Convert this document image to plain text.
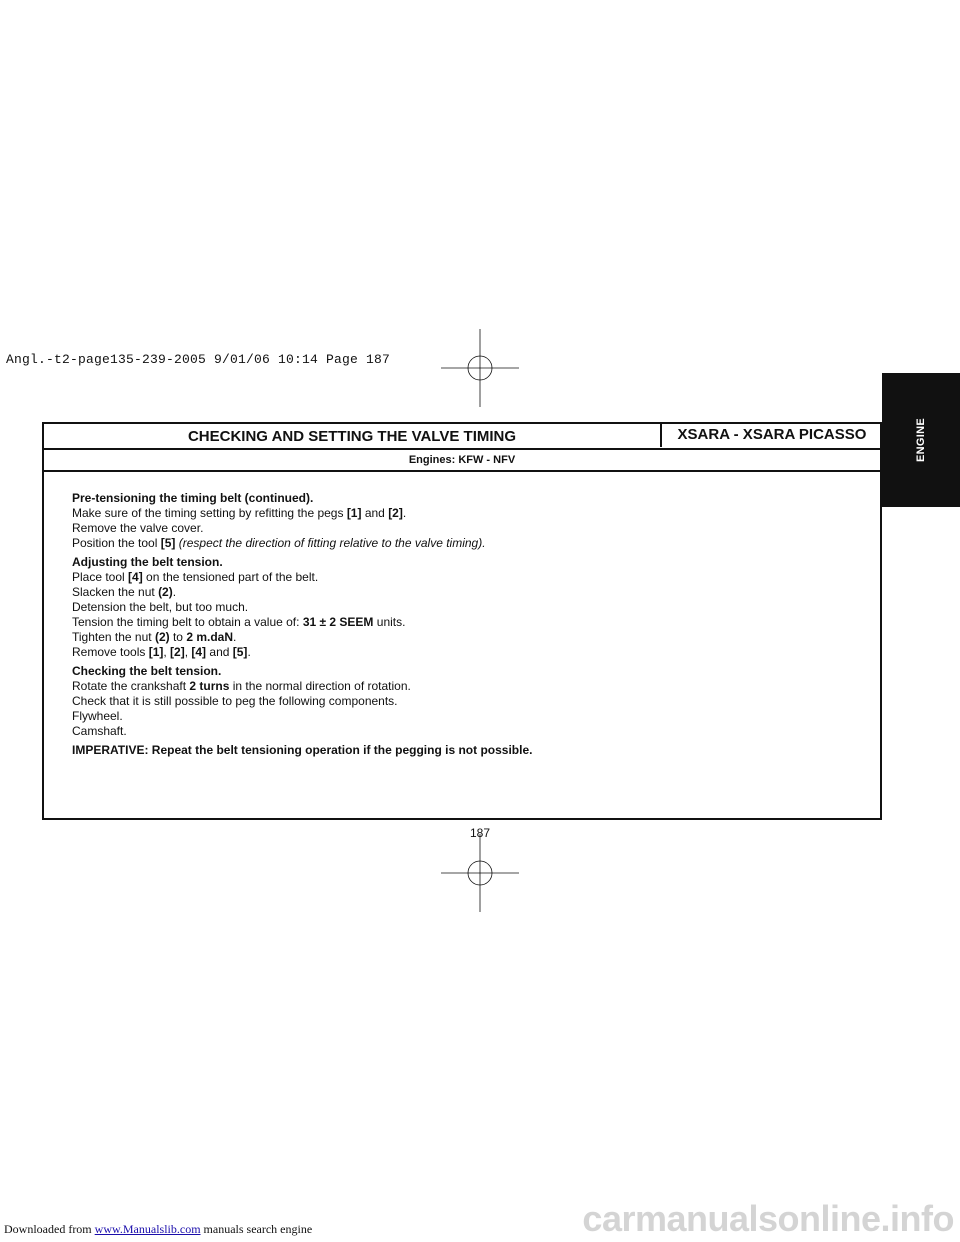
Angl.-t2-page135-239-2005 9/01/06 10:14 Page 187
ENGINE
CHECKING AND SETTING THE VALVE TIMING	XSARA - XSARA PICASSO
Engines: KFW - NFV

Pre-tensioning the timing belt (continued).
Make sure of the timing setting by refitting the pegs [1] and [2].
Remove the valve cover.
Position the tool [5] (respect the direction of fitting relative to the valve timing).

Adjusting the belt tension.
Place tool [4] on the tensioned part of the belt.
Slacken the nut (2).
Detension the belt, but too much.
Tension the timing belt to obtain a value of: 31 ± 2 SEEM units.
Tighten the nut (2) to 2 m.daN.
Remove tools [1], [2], [4] and [5].

Checking the belt tension.
Rotate the crankshaft 2 turns in the normal direction of rotation.
Check that it is still possible to peg the following components.
Flywheel.
Camshaft.

IMPERATIVE: Repeat the belt tensioning operation if the pegging is not possible.

187
Downloaded from www.Manualslib.com manuals search engine	carmanualsonline.info
